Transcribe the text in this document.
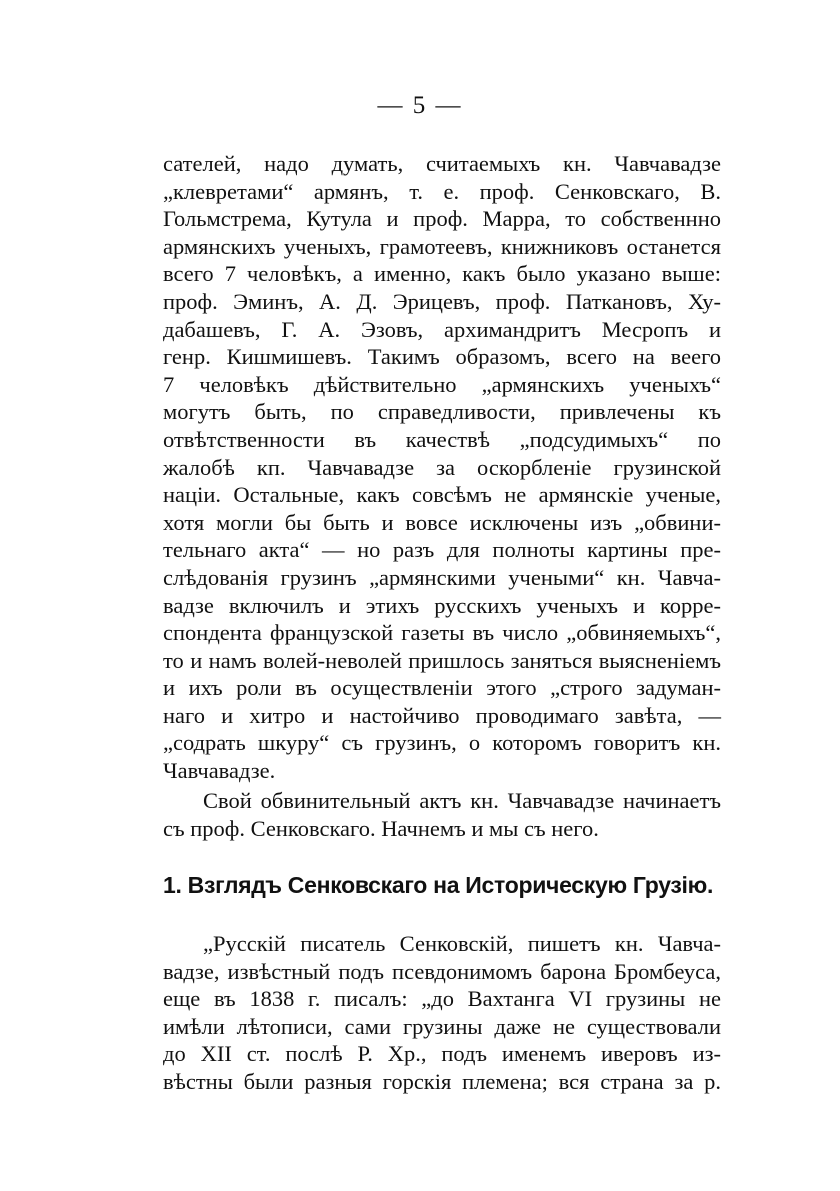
— 5 —
сателей, надо думать, считаемыхъ кн. Чавчавадзе
„клевретами“ армянъ, т. е. проф. Сенковскаго, В.
Гольмстрема, Кутула и проф. Марра, то собственнно
армянскихъ ученыхъ, грамотеевъ, книжниковъ останется
всего 7 человѣкъ, а именно, какъ было указано выше:
проф. Эминъ, А. Д. Эрицевъ, проф. Паткановъ, Ху-
дабашевъ, Г. А. Эзовъ, архимандритъ Месропъ и
генр. Кишмишевъ. Такимъ образомъ, всего на веего
7 человѣкъ дѣйствительно „армянскихъ ученыхъ“
могутъ быть, по справедливости, привлечены къ
отвѣтственности въ качествѣ „подсудимыхъ“ по
жалобѣ кп. Чавчавадзе за оскорбленіе грузинской
націи. Остальные, какъ совсѣмъ не армянскіе ученые,
хотя могли бы быть и вовсе исключены изъ „обвини-
тельнаго акта“ — но разъ для полноты картины пре-
слѣдованія грузинъ „армянскими учеными“ кн. Чавча-
вадзе включилъ и этихъ русскихъ ученыхъ и корре-
спондента французской газеты въ число „обвиняемыхъ“,
то и намъ волей-неволей пришлось заняться выясненіемъ
и ихъ роли въ осуществленіи этого „строго задуман-
наго и хитро и настойчиво проводимаго завѣта, —
„содрать шкуру“ съ грузинъ, о которомъ говоритъ кн.
Чавчавадзе.
Свой обвинительный актъ кн. Чавчавадзе начинаетъ
съ проф. Сенковскаго. Начнемъ и мы съ него.
1. Взглядъ Сенковскаго на Историческую Грузію.
„Русскій писатель Сенковскій, пишетъ кн. Чавча-
вадзе, извѣстный подъ псевдонимомъ барона Бромбеуса,
еще въ 1838 г. писалъ: „до Вахтанга VI грузины не
имѣли лѣтописи, сами грузины даже не существовали
до XII ст. послѣ Р. Хр., подъ именемъ иверовъ из-
вѣстны были разныя горскія племена; вся страна за р.
